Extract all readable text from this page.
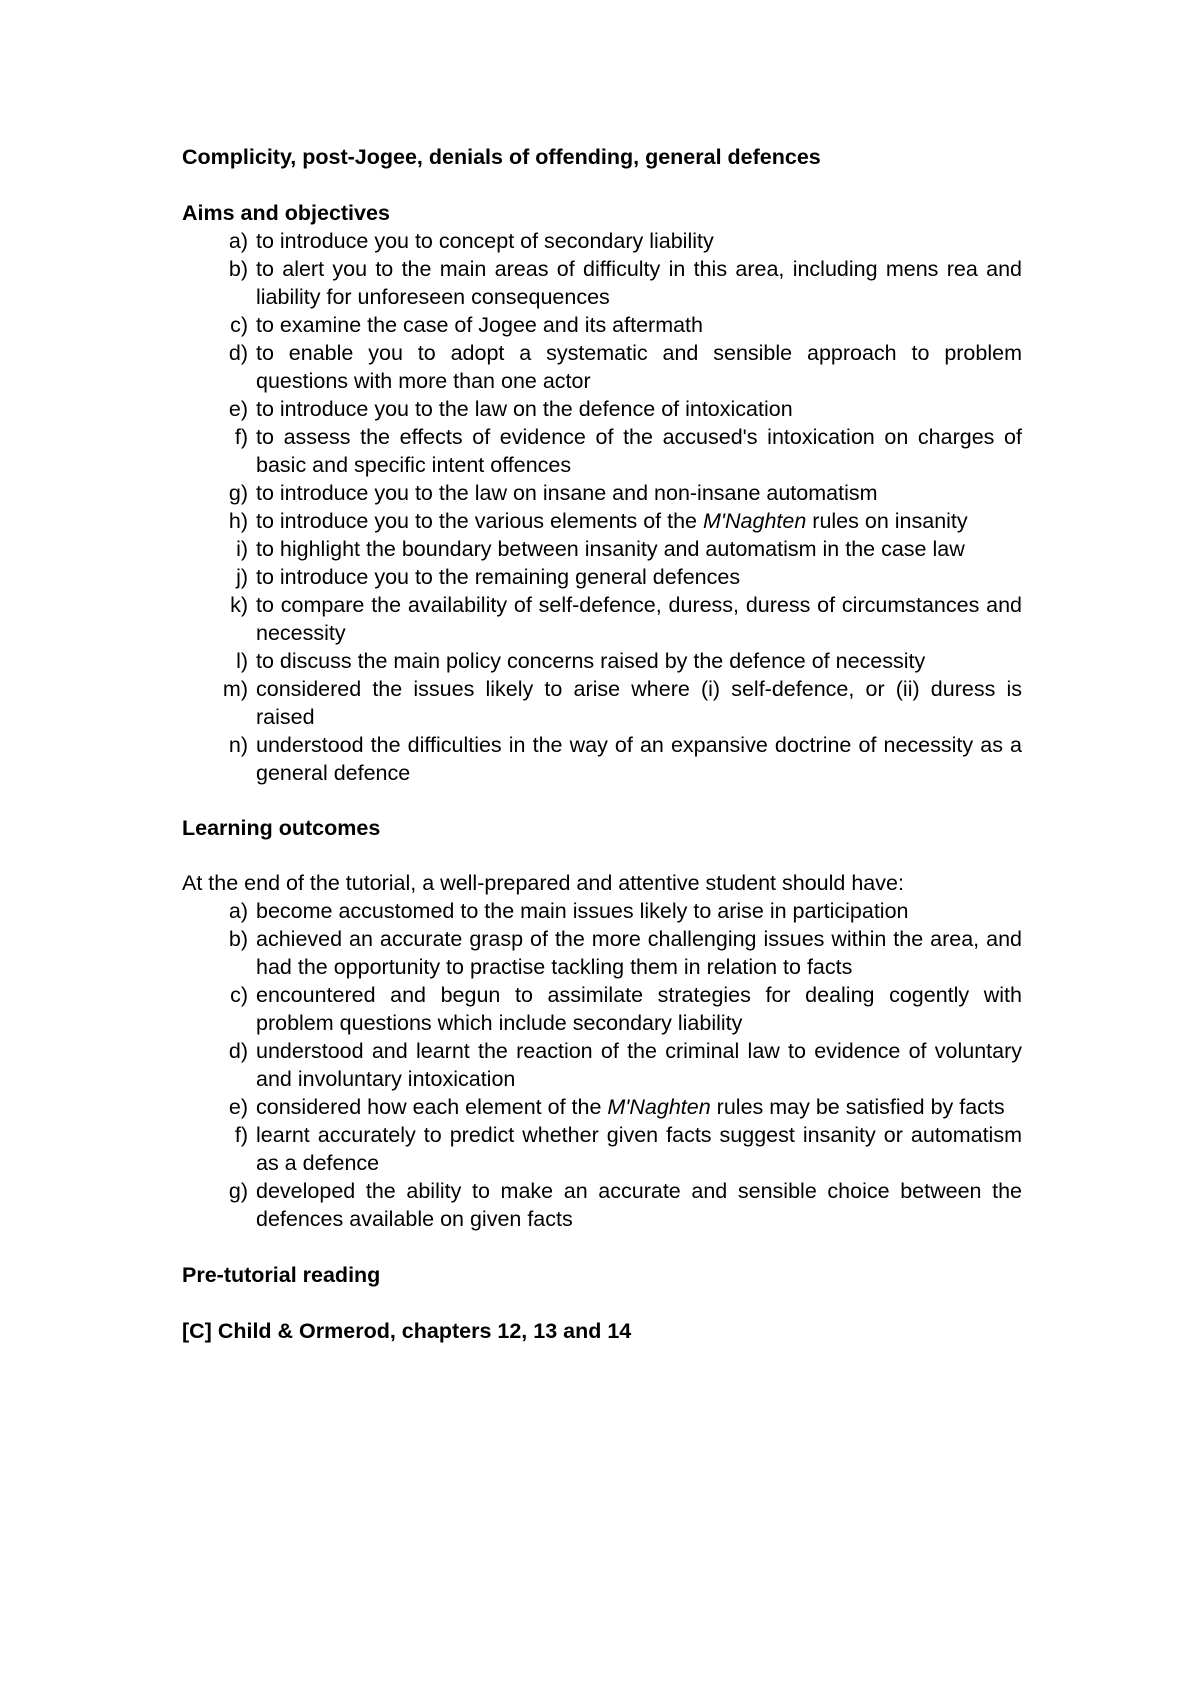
Complicity, post-Jogee, denials of offending, general defences

Aims and objectives

a) to introduce you to concept of secondary liability
b) to alert you to the main areas of difficulty in this area, including mens rea and liability for unforeseen consequences
c) to examine the case of Jogee and its aftermath
d) to enable you to adopt a systematic and sensible approach to problem questions with more than one actor
e) to introduce you to the law on the defence of intoxication
f) to assess the effects of evidence of the accused's intoxication on charges of basic and specific intent offences
g) to introduce you to the law on insane and non-insane automatism
h) to introduce you to the various elements of the M'Naghten rules on insanity
i) to highlight the boundary between insanity and automatism in the case law
j) to introduce you to the remaining general defences
k) to compare the availability of self-defence, duress, duress of circumstances and necessity
l) to discuss the main policy concerns raised by the defence of necessity
m) considered the issues likely to arise where (i) self-defence, or (ii) duress is raised
n) understood the difficulties in the way of an expansive doctrine of necessity as a general defence

Learning outcomes

At the end of the tutorial, a well-prepared and attentive student should have:

a) become accustomed to the main issues likely to arise in participation
b) achieved an accurate grasp of the more challenging issues within the area, and had the opportunity to practise tackling them in relation to facts
c) encountered and begun to assimilate strategies for dealing cogently with problem questions which include secondary liability
d) understood and learnt the reaction of the criminal law to evidence of voluntary and involuntary intoxication
e) considered how each element of the M'Naghten rules may be satisfied by facts
f) learnt accurately to predict whether given facts suggest insanity or automatism as a defence
g) developed the ability to make an accurate and sensible choice between the defences available on given facts

Pre-tutorial reading

[C] Child & Ormerod, chapters 12, 13 and 14
